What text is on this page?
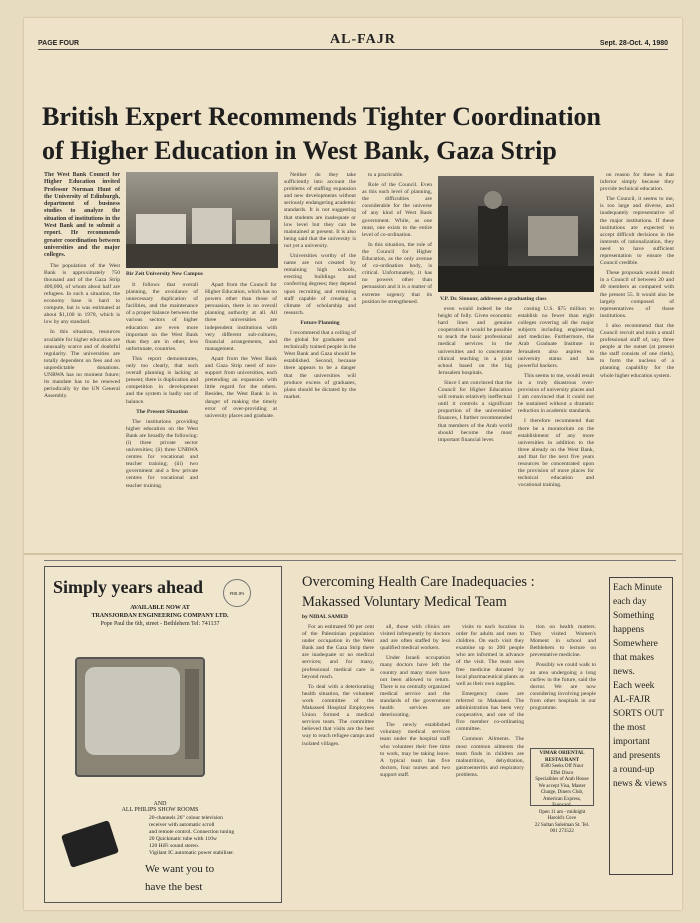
PAGE FOUR	AL-FAJR	Sept. 28-Oct. 4, 1980
British Expert Recommends Tighter Coordination
of Higher Education in West Bank, Gaza Strip

The West Bank Council for Higher Education invited Professor Norman Hunt of the University of Edinburgh, department of business studies to analyze the situation of institutions in the West Bank and to submit a report. He recommends greater coordination between universities and the major colleges.

The population of the West Bank is approximately 750 thousand and of the Gaza Strip 400,000, of whom about half are refugees. In such a situation, the economy base is hard to compute, but is was estimated at about $1,100 in 1978, which is low by any standard.

In this situation, resources available for higher education are unusually scarce and of doubtful regularity. The universities are totally dependent on fees and on unpredictable donations. UNRWA has no moment future; its mandate has to be renewed periodically by the UN General Assembly.

Bir Zeit University New Campus

It follows that overall planning, the avoidance of unnecessary duplication of facilities, and the maintenance of a proper balance between the various sectors of higher education are even more important on the West Bank than they are in other, less unfortunate, countries.

This report demonstrates, only too clearly, that such overall planning is lacking at present; there is duplication and competition in development and the system is badly out of balance.

The Present Situation

The institutions providing higher education on the West Bank are broadly the following: (i) three private sector universities; (ii) three UNRWA centres for vocational and teacher training; (iii) two government and a few private centres for vocational and teacher training.

Apart from the Council for Higher Education, which has no powers other than those of persuasion, there is no overall planning authority at all. All three universities are independent institutions with very different sub-cultures, financial arrangements, and management.

Apart from the West Bank and Gaza Strip need of non-support from universities, each pretending an expansion with little regard for the others. Besides, the West Bank is in danger of making the timely error of over-providing at university places and graduate.

Neither do they take sufficiently into account the problems of staffing expansion and new developments without seriously endangering academic standards. It is not suggesting that students are inadequate or low level but they can be maintained at present. It is also being said that the university is not yet a university.

Universities worthy of the name are not created by remaining high schools, erecting buildings and conferring degrees; they depend upon recruiting and retaining staff capable of creating a climate of scholarship and research.

Future Planning

I recommend that a ceiling of the global for graduates and technically trained people in the West Bank and Gaza should be established. Second, because there appears to be a danger that the universities will produce excess of graduates, plans should be dictated by the market.

to a practicable.

Role of the Council. Even as this each level of planning, the difficulties are considerable for the universe of any kind of West Bank government. While, as one must, one exists to the entire level of co-ordination.

In this situation, the role of the Council for Higher Education, as the only avenue of co-ordination body, is critical. Unfortunately, it has no powers other than persuasion and it is a matter of extreme urgency that its position be strengthened.	V.P. Dr. Sinnour, addresses a graduating class

even would indeed be the height of folly. Given economic hard lines and genuine cooperation it would be possible to reach the basic professional medical services in the universities and to concentrate clinical teaching in a joint school based on the big Jerusalem hospitals.

Since I am convinced that the Council for Higher Education will remain relatively ineffectual until it controls a significant proportion of the universities' finances, I further recommended that members of the Arab world should become the most important financial lever.

costing U.S. $75 million to establish no fewer than eight colleges covering all the major subjects including engineering and medicine. Furthermore, the Arab Graduate Institute in Jerusalem also aspires to university status and has powerful backers.

This seems to me, would result in a truly disastrous over-provision of university places and I am convinced that it could not be sustained without a dramatic reduction in academic standards.

I therefore recommend that there be a moratorium on the establishment of any more universities in addition to the three already on the West Bank, and that for the next five years resources be concentrated upon the provision of more places for technical education and vocational training.

on reason for these is that inferior simply because they provide technical education.

The Council, it seems to me, is too large and diverse, and inadequately representative of the major institutions. If these institutions are expected to accept difficult decisions in the interests of rationalization, they need to have sufficient representation to ensure the Council credible.

These proposals would result in a Council of between 20 and 40 members as compared with the present 55. It would also be largely composed of representatives of those institutions.

I also recommend that the Council recruit and train a small professional staff of, say, three people at the outset (at present the staff consists of one clerk), to form the nucleus of a planning capability for the whole higher education system.

Simply years ahead	PHILIPS
AVAILABLE NOW AT
TRANSJORDAN ENGINEERING COMPANY LTD.
Pope Paul the 6th, street - Bethlehem Tel: 741137
AND
ALL PHILIPS SHOW ROOMS
20-channels 26" colour television
receiver with automatic scroll
and remote control. Connection tuning
20 Quickmatic tube with 110w
120 HiFi sound stereo.
Vigilant IC automatic power stabiliser.
We want you to
have the best
Overcoming Health Care Inadequacies :
Makassed Voluntary Medical Team
by NIDAL SAMED

For an estimated 90 per cent of the Palestinian population under occupation in the West Bank and the Gaza Strip there are inadequate or no medical services; and for many, professional medical care is beyond reach.

To deal with a deteriorating health situation, the volunteer work committee of the Makassed Hospital Employees Union formed a medical services team. The committee believed that visits are the best way to reach refugee camps and isolated villages.

all, those with clinics are visited infrequently by doctors and are often staffed by less qualified medical workers.

Under Israeli occupation many doctors have left the country and many more have not been allowed to return. There is no centrally organized medical service and the standards of the government health services are deteriorating.

The newly established voluntary medical services team under the hospital staff who volunteer their free time to work, may be taking leave. A typical team has five doctors, four nurses and two support staff.

visits to each location in order for adults and men to children. On each visit they examine up to 200 people who are informed in advance of the visit. The team uses free medicine donated by local pharmaceutical plants as well as their own supplies.

Emergency cases are referred to Makassed. The administration has been very cooperative, and one of the five member co-ordinating committee.

Common Ailments. The most common ailments the team finds in children are malnutrition, dehydration, gastroenteritis and respiratory problems.

tion on health matters. They visited Women's Moment in school and Bethlehem to lecture on preventative medicine.

Possibly we could walk to an area undergoing a long curfew in the future, said the doctor. We are now considering involving people from other hospitals in our programme.

VIMAR ORIENTAL RESTAURANT
0500 Seeks Off Nuur
Effel Disco
Specialities of Arab House
We accept Visa, Master Charge, Diners Club, American Express, Eurocard.
Open 11 am - midnight
Harold's Cove
22 Sultan Suleiman St. Tel. 001 273522
Each Minute
each day
Something
happens
Somewhere
that makes
news.
Each week
AL-FAJR
SORTS OUT
the most
important
and presents
a round-up
news & views
